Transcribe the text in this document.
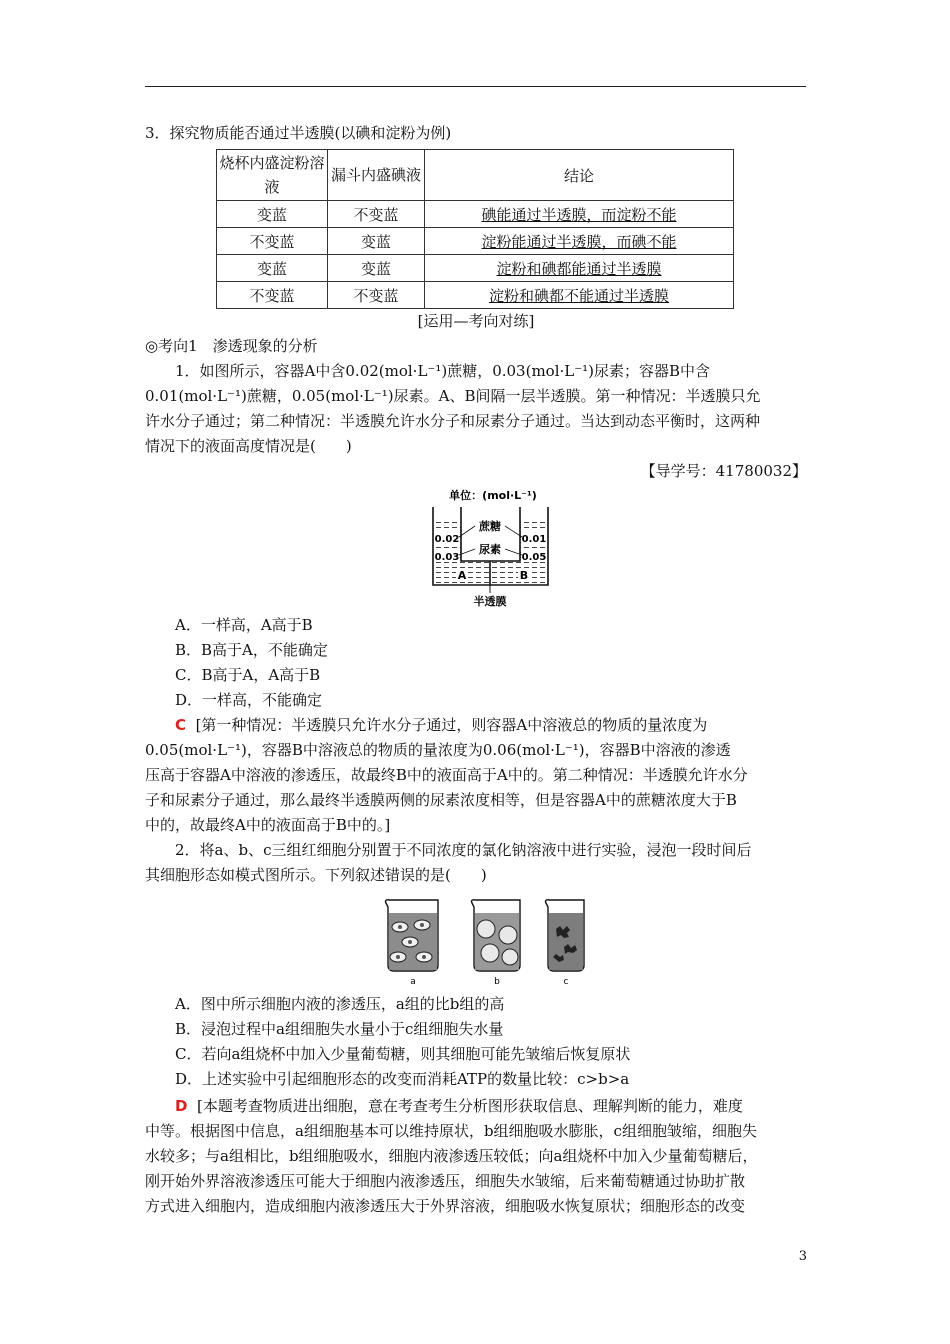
3．探究物质能否通过半透膜(以碘和淀粉为例)
烧杯内盛淀粉溶液	漏斗内盛碘液	结论
变蓝	不变蓝	碘能通过半透膜，而淀粉不能
不变蓝	变蓝	淀粉能通过半透膜，而碘不能
变蓝	变蓝	淀粉和碘都能通过半透膜
不变蓝	不变蓝	淀粉和碘都不能通过半透膜
[运用—考向对练]
◎考向1　渗透现象的分析
1．如图所示，容器A中含0.02(mol·L⁻¹)蔗糖，0.03(mol·L⁻¹)尿素；容器B中含
0.01(mol·L⁻¹)蔗糖，0.05(mol·L⁻¹)尿素。A、B间隔一层半透膜。第一种情况：半透膜只允
许水分子通过；第二种情况：半透膜允许水分子和尿素分子通过。当达到动态平衡时，这两种
情况下的液面高度情况是(　　)
【导学号：41780032】
单位：(mol·L⁻¹)
0.02
0.03
0.01
0.05
蔗糖
尿素
A	B
半透膜
A．一样高，A高于B
B．B高于A，不能确定
C．B高于A，A高于B
D．一样高，不能确定
C [第一种情况：半透膜只允许水分子通过，则容器A中溶液总的物质的量浓度为
0.05(mol·L⁻¹)，容器B中溶液总的物质的量浓度为0.06(mol·L⁻¹)，容器B中溶液的渗透
压高于容器A中溶液的渗透压，故最终B中的液面高于A中的。第二种情况：半透膜允许水分
子和尿素分子通过，那么最终半透膜两侧的尿素浓度相等，但是容器A中的蔗糖浓度大于B
中的，故最终A中的液面高于B中的。]
2．将a、b、c三组红细胞分别置于不同浓度的氯化钠溶液中进行实验，浸泡一段时间后
其细胞形态如模式图所示。下列叙述错误的是(　　)
a	b	c
A．图中所示细胞内液的渗透压，a组的比b组的高
B．浸泡过程中a组细胞失水量小于c组细胞失水量
C．若向a组烧杯中加入少量葡萄糖，则其细胞可能先皱缩后恢复原状
D．上述实验中引起细胞形态的改变而消耗ATP的数量比较：c>b>a
D [本题考查物质进出细胞，意在考查考生分析图形获取信息、理解判断的能力，难度
中等。根据图中信息，a组细胞基本可以维持原状，b组细胞吸水膨胀，c组细胞皱缩，细胞失
水较多；与a组相比，b组细胞吸水，细胞内液渗透压较低；向a组烧杯中加入少量葡萄糖后，
刚开始外界溶液渗透压可能大于细胞内液渗透压，细胞失水皱缩，后来葡萄糖通过协助扩散
方式进入细胞内，造成细胞内液渗透压大于外界溶液，细胞吸水恢复原状；细胞形态的改变
3
